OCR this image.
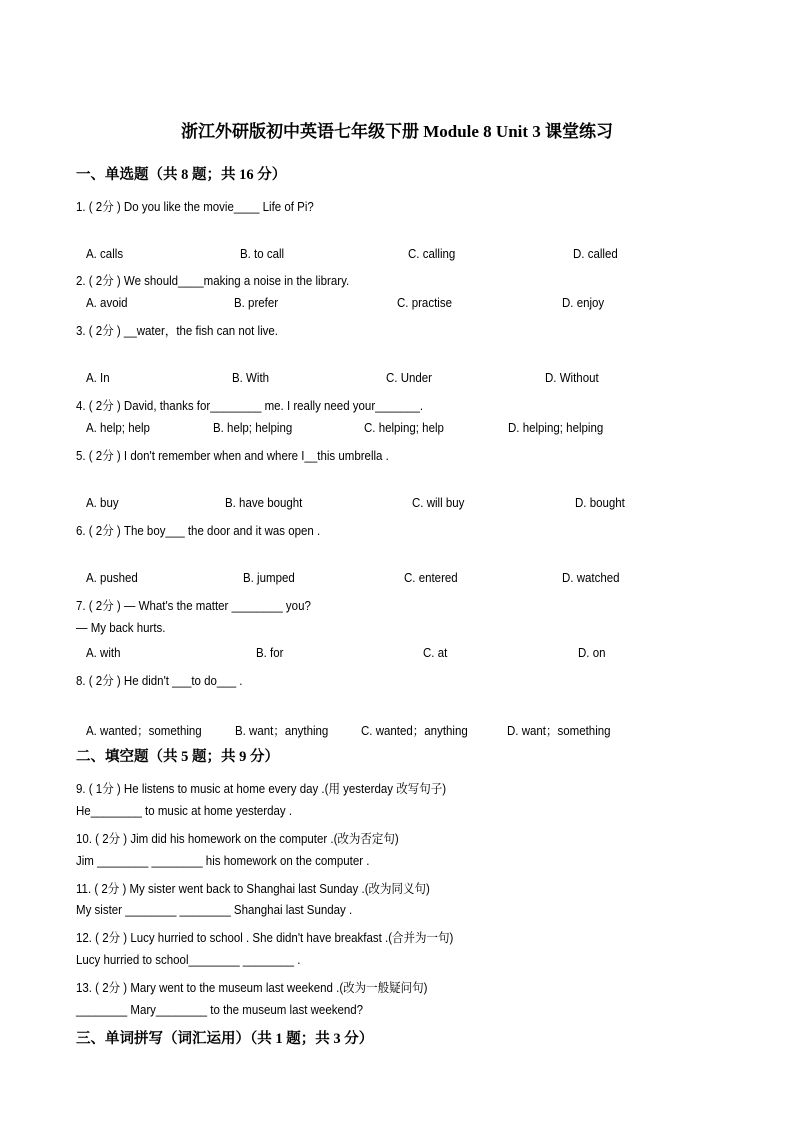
浙江外研版初中英语七年级下册 Module 8 Unit 3 课堂练习
一、单选题（共 8 题；共 16 分）
1. ( 2分 ) Do you like the movie____ Life of Pi?
A. calls	B. to call	C. calling	D. called
2. ( 2分 ) We should____making a noise in the library.
A. avoid	B. prefer	C. practise	D. enjoy
3. ( 2分 ) __water，the fish can not live.
A. In	B. With	C. Under	D. Without
4. ( 2分 ) David, thanks for________ me. I really need your_______.
A. help; help	B. help; helping	C. helping; help	D. helping; helping
5. ( 2分 ) I don't remember when and where I__this umbrella .
A. buy	B. have bought	C. will buy	D. bought
6. ( 2分 ) The boy___ the door and it was open .
A. pushed	B. jumped	C. entered	D. watched
7. ( 2分 ) — What's the matter ________ you?
— My back hurts.
A. with	B. for	C. at	D. on
8. ( 2分 ) He didn't ___to do___ .
A. wanted；something	B. want；anything	C. wanted；anything	D. want；something
二、填空题（共 5 题；共 9 分）
9. ( 1分 ) He listens to music at home every day .(用 yesterday 改写句子)
He________ to music at home yesterday .
10. ( 2分 ) Jim did his homework on the computer .(改为否定句)
Jim ________ ________ his homework on the computer .
11. ( 2分 ) My sister went back to Shanghai last Sunday .(改为同义句)
My sister ________ ________ Shanghai last Sunday .
12. ( 2分 ) Lucy hurried to school . She didn't have breakfast .(合并为一句)
Lucy hurried to school________ ________ .
13. ( 2分 ) Mary went to the museum last weekend .(改为一般疑问句)
________ Mary________ to the museum last weekend?
三、单词拼写（词汇运用）（共 1 题；共 3 分）
